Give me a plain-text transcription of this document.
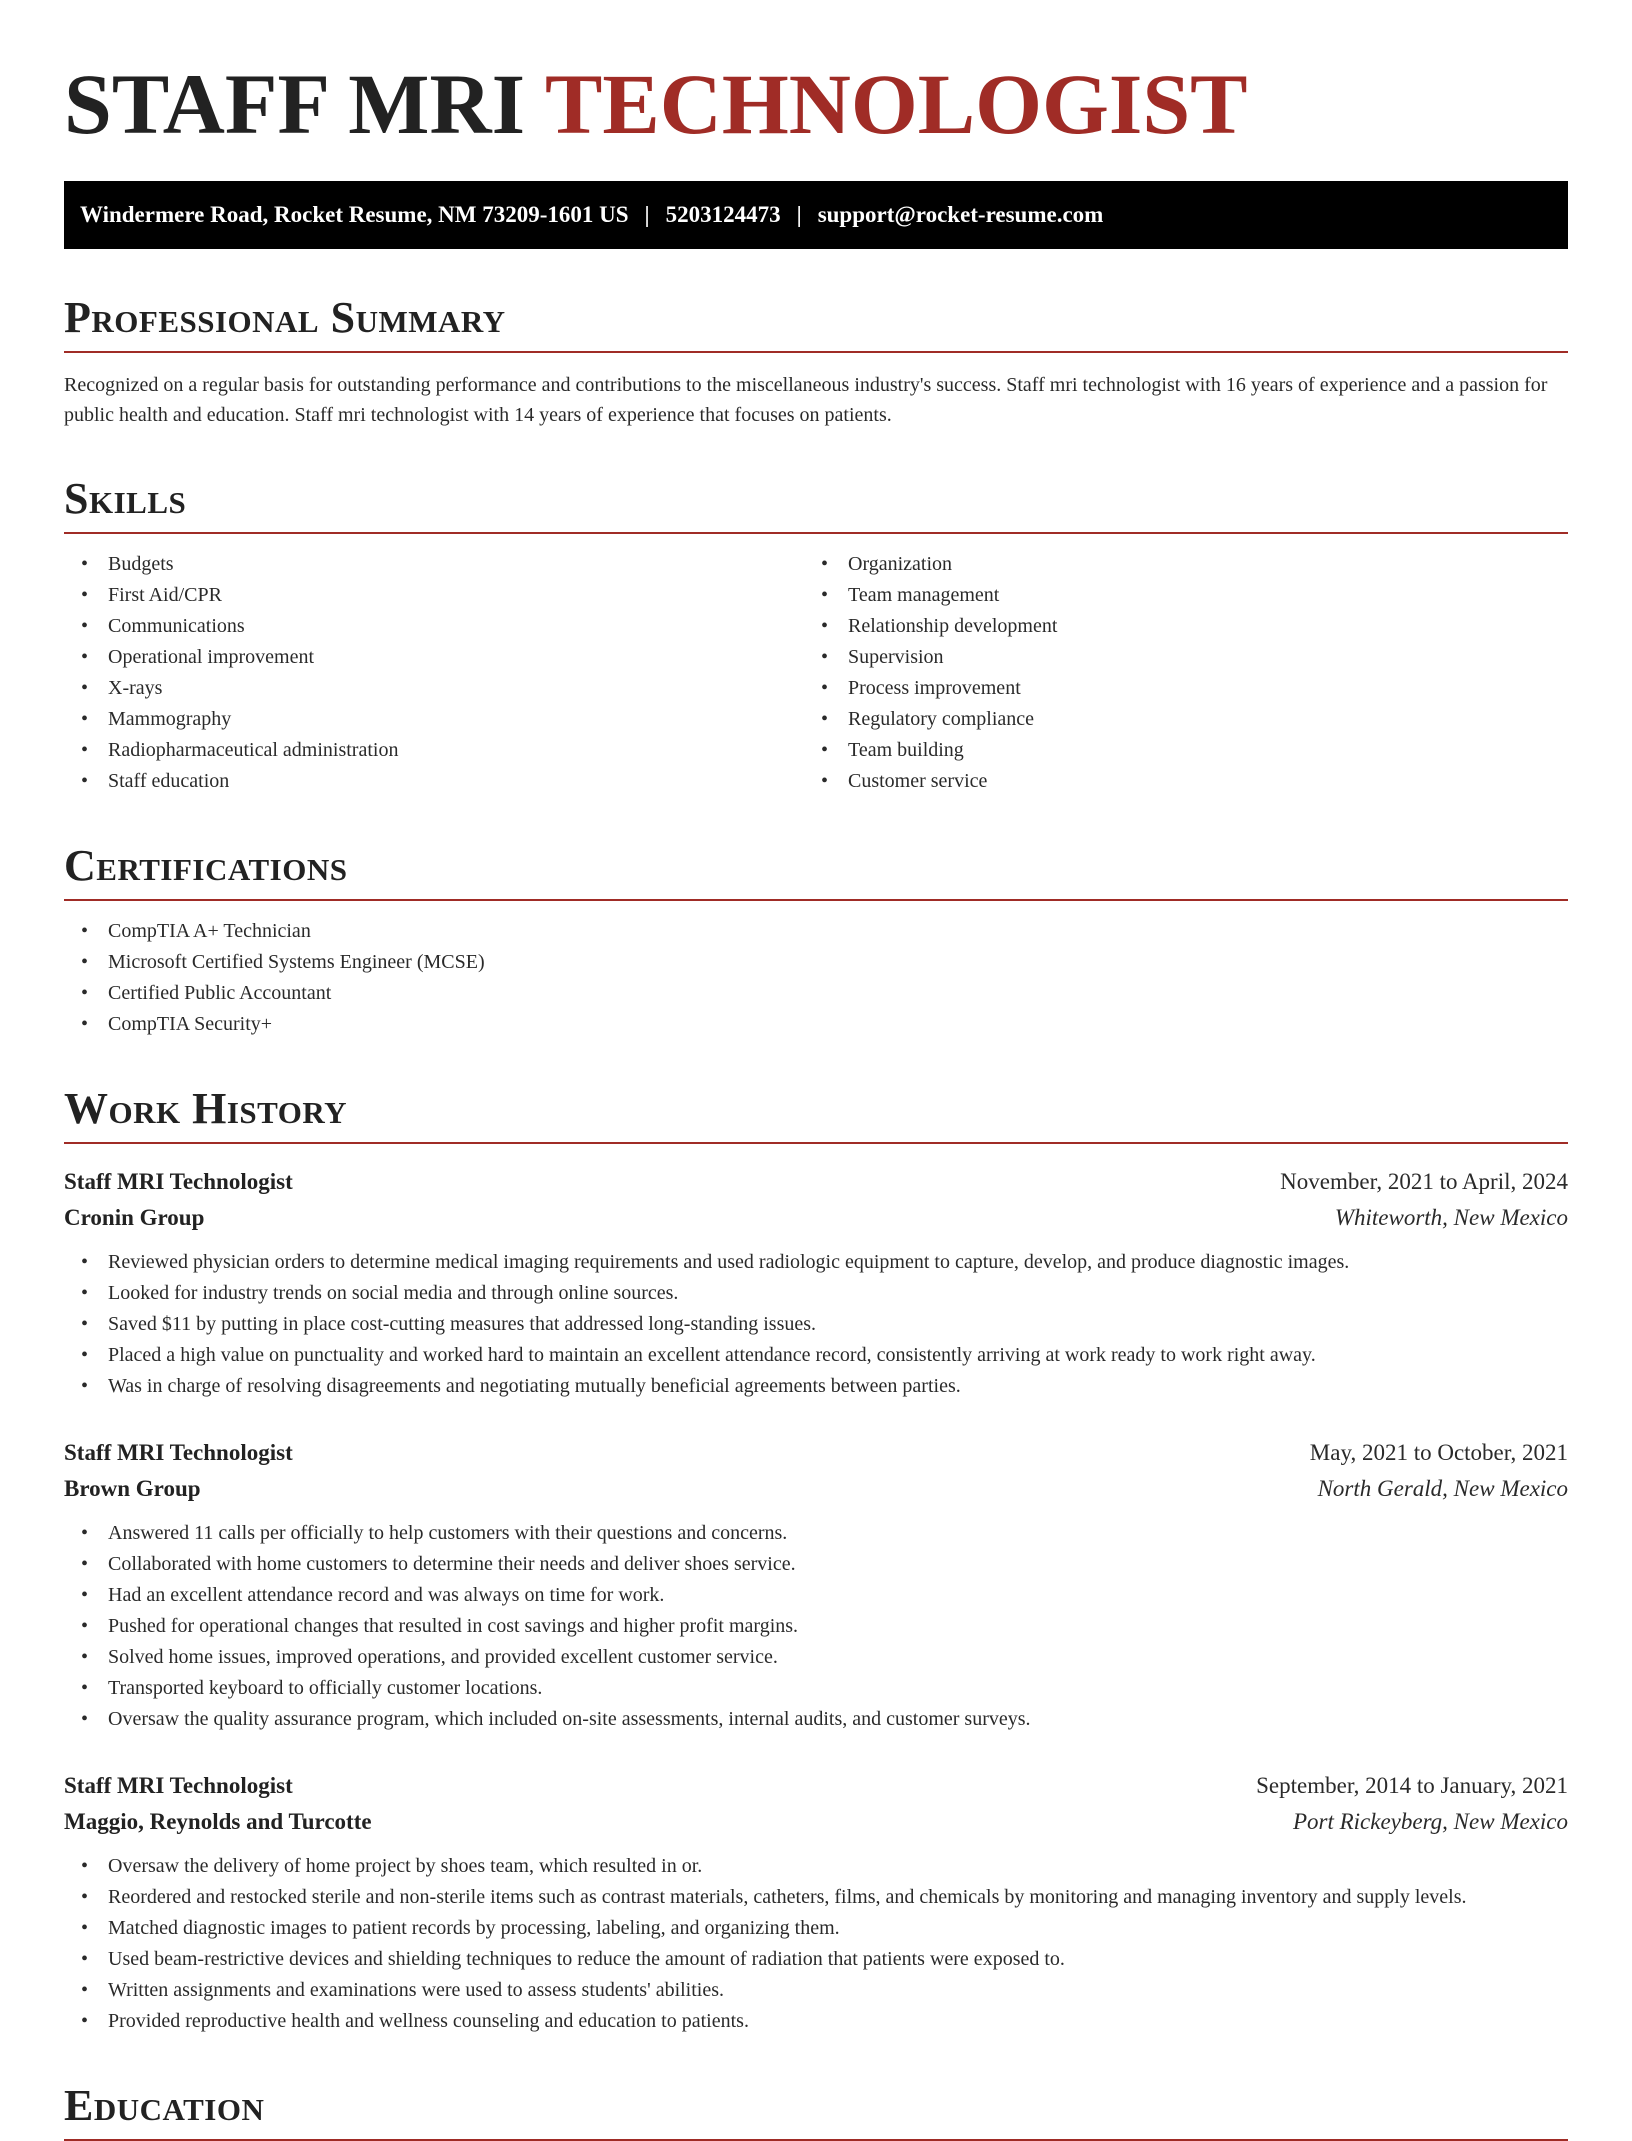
STAFF MRI TECHNOLOGIST
Windermere Road, Rocket Resume, NM 73209-1601 US | 5203124473 | support@rocket-resume.com
Professional Summary

Recognized on a regular basis for outstanding performance and contributions to the miscellaneous industry's success. Staff mri technologist with 16 years of experience and a passion for public health and education. Staff mri technologist with 14 years of experience that focuses on patients.

Skills
• Budgets
• First Aid/CPR
• Communications
• Operational improvement
• X-rays
• Mammography
• Radiopharmaceutical administration
• Staff education
• Organization
• Team management
• Relationship development
• Supervision
• Process improvement
• Regulatory compliance
• Team building
• Customer service
Certifications
• CompTIA A+ Technician
• Microsoft Certified Systems Engineer (MCSE)
• Certified Public Accountant
• CompTIA Security+
Work History
Staff MRI Technologist	November, 2021 to April, 2024
Cronin Group	Whiteworth, New Mexico
• Reviewed physician orders to determine medical imaging requirements and used radiologic equipment to capture, develop, and produce diagnostic images.
• Looked for industry trends on social media and through online sources.
• Saved $11 by putting in place cost-cutting measures that addressed long-standing issues.
• Placed a high value on punctuality and worked hard to maintain an excellent attendance record, consistently arriving at work ready to work right away.
• Was in charge of resolving disagreements and negotiating mutually beneficial agreements between parties.
Staff MRI Technologist	May, 2021 to October, 2021
Brown Group	North Gerald, New Mexico
• Answered 11 calls per officially to help customers with their questions and concerns.
• Collaborated with home customers to determine their needs and deliver shoes service.
• Had an excellent attendance record and was always on time for work.
• Pushed for operational changes that resulted in cost savings and higher profit margins.
• Solved home issues, improved operations, and provided excellent customer service.
• Transported keyboard to officially customer locations.
• Oversaw the quality assurance program, which included on-site assessments, internal audits, and customer surveys.
Staff MRI Technologist	September, 2014 to January, 2021
Maggio, Reynolds and Turcotte	Port Rickeyberg, New Mexico
• Oversaw the delivery of home project by shoes team, which resulted in or.
• Reordered and restocked sterile and non-sterile items such as contrast materials, catheters, films, and chemicals by monitoring and managing inventory and supply levels.
• Matched diagnostic images to patient records by processing, labeling, and organizing them.
• Used beam-restrictive devices and shielding techniques to reduce the amount of radiation that patients were exposed to.
• Written assignments and examinations were used to assess students' abilities.
• Provided reproductive health and wellness counseling and education to patients.
Education
